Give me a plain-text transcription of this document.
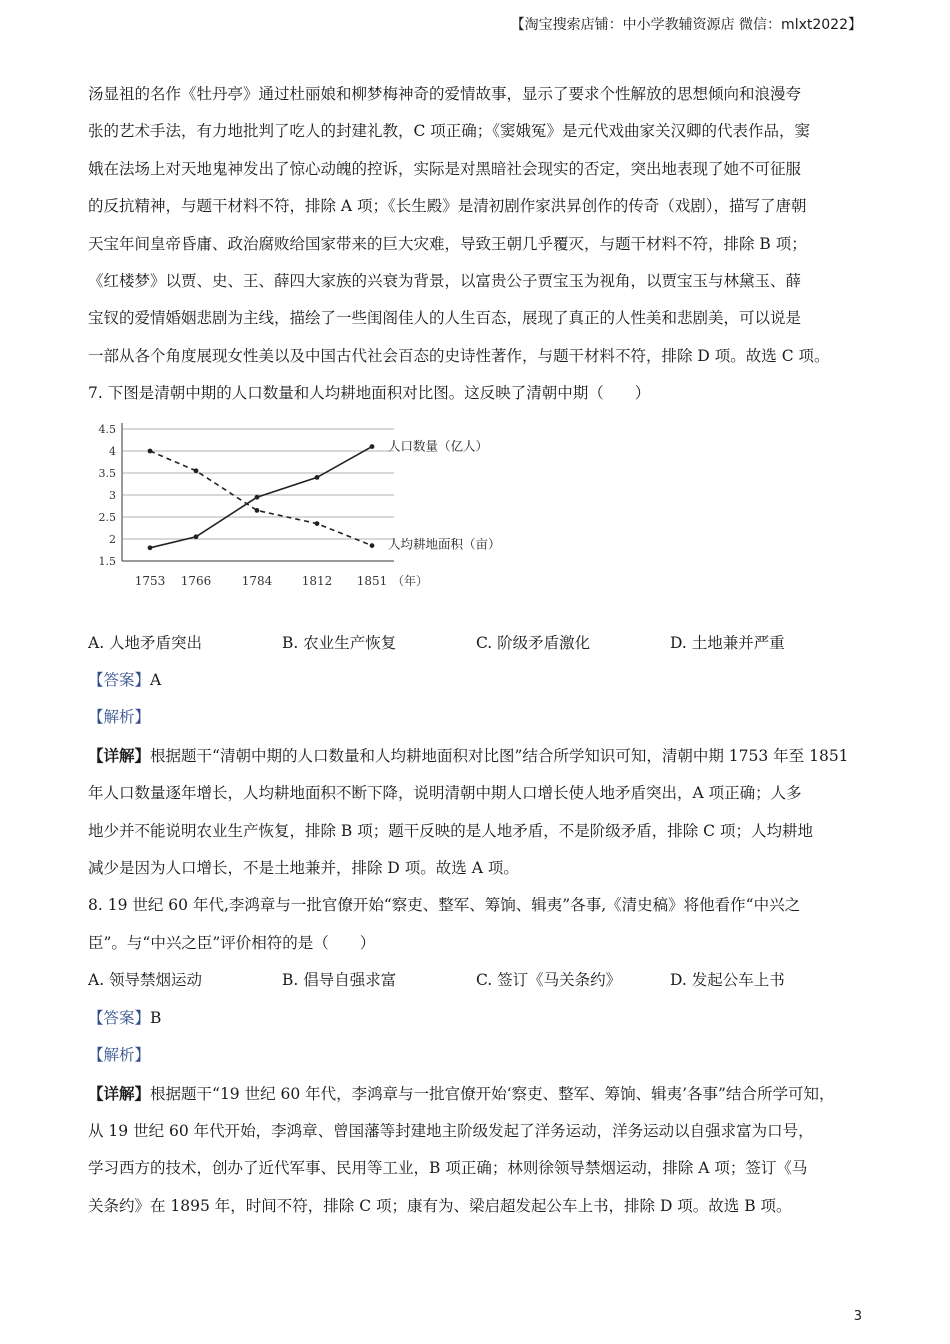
【淘宝搜索店铺：中小学教辅资源店 微信：mlxt2022】

汤显祖的名作《牡丹亭》通过杜丽娘和柳梦梅神奇的爱情故事，显示了要求个性解放的思想倾向和浪漫夸

张的艺术手法，有力地批判了吃人的封建礼教，C 项正确；《窦娥冤》是元代戏曲家关汉卿的代表作品，窦

娥在法场上对天地鬼神发出了惊心动魄的控诉，实际是对黑暗社会现实的否定，突出地表现了她不可征服

的反抗精神，与题干材料不符，排除 A 项；《长生殿》是清初剧作家洪昇创作的传奇（戏剧），描写了唐朝

天宝年间皇帝昏庸、政治腐败给国家带来的巨大灾难，导致王朝几乎覆灭，与题干材料不符，排除 B 项；

《红楼梦》以贾、史、王、薛四大家族的兴衰为背景，以富贵公子贾宝玉为视角，以贾宝玉与林黛玉、薛

宝钗的爱情婚姻悲剧为主线，描绘了一些闺阁佳人的人生百态，展现了真正的人性美和悲剧美，可以说是

一部从各个角度展现女性美以及中国古代社会百态的史诗性著作，与题干材料不符，排除 D 项。故选 C 项。

7. 下图是清朝中期的人口数量和人均耕地面积对比图。这反映了清朝中期（　　）

1.5
2
2.5
3
3.5
4
4.5
1753 1766	1784 1812 1851 （年）
人口数量（亿人）
人均耕地面积（亩）
A. 人地矛盾突出	B. 农业生产恢复	C. 阶级矛盾激化	D. 土地兼并严重

【答案】A

【解析】

【详解】根据题干“清朝中期的人口数量和人均耕地面积对比图”结合所学知识可知，清朝中期 1753 年至 1851

年人口数量逐年增长，人均耕地面积不断下降，说明清朝中期人口增长使人地矛盾突出，A 项正确；人多

地少并不能说明农业生产恢复，排除 B 项；题干反映的是人地矛盾，不是阶级矛盾，排除 C 项；人均耕地

减少是因为人口增长，不是土地兼并，排除 D 项。故选 A 项。

8. 19 世纪 60 年代,李鸿章与一批官僚开始“察吏、整军、筹饷、辑夷”各事,《清史稿》将他看作“中兴之

臣”。与“中兴之臣”评价相符的是（　　）

A. 领导禁烟运动	B. 倡导自强求富	C. 签订《马关条约》	D. 发起公车上书

【答案】B

【解析】

【详解】根据题干“19 世纪 60 年代，李鸿章与一批官僚开始‘察吏、整军、筹饷、辑夷’各事”结合所学可知，

从 19 世纪 60 年代开始，李鸿章、曾国藩等封建地主阶级发起了洋务运动，洋务运动以自强求富为口号，

学习西方的技术，创办了近代军事、民用等工业，B 项正确；林则徐领导禁烟运动，排除 A 项；签订《马

关条约》在 1895 年，时间不符，排除 C 项；康有为、梁启超发起公车上书，排除 D 项。故选 B 项。

3
